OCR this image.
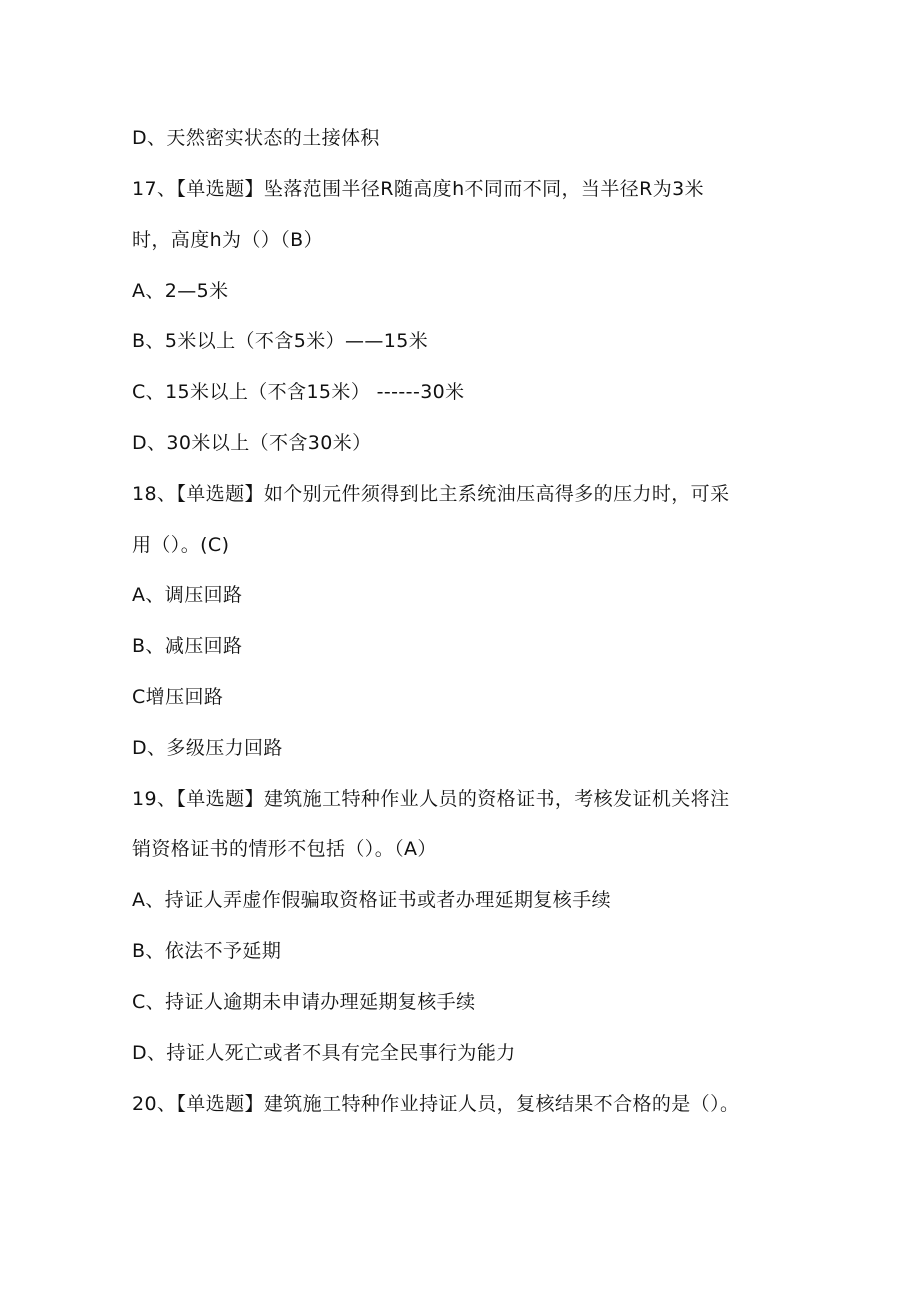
D、天然密实状态的土接体积
17、【单选题】坠落范围半径R随高度h不同而不同，当半径R为3米
时，高度h为（）（B）
A、2—5米
B、5米以上（不含5米）——15米
C、15米以上（不含15米） ------30米
D、30米以上（不含30米）
18、【单选题】如个别元件须得到比主系统油压高得多的压力时，可采
用（）。(C)
A、调压回路
B、减压回路
C增压回路
D、多级压力回路
19、【单选题】建筑施工特种作业人员的资格证书，考核发证机关将注
销资格证书的情形不包括（）。（A）
A、持证人弄虚作假骗取资格证书或者办理延期复核手续
B、依法不予延期
C、持证人逾期未申请办理延期复核手续
D、持证人死亡或者不具有完全民事行为能力
20、【单选题】建筑施工特种作业持证人员，复核结果不合格的是（）。
